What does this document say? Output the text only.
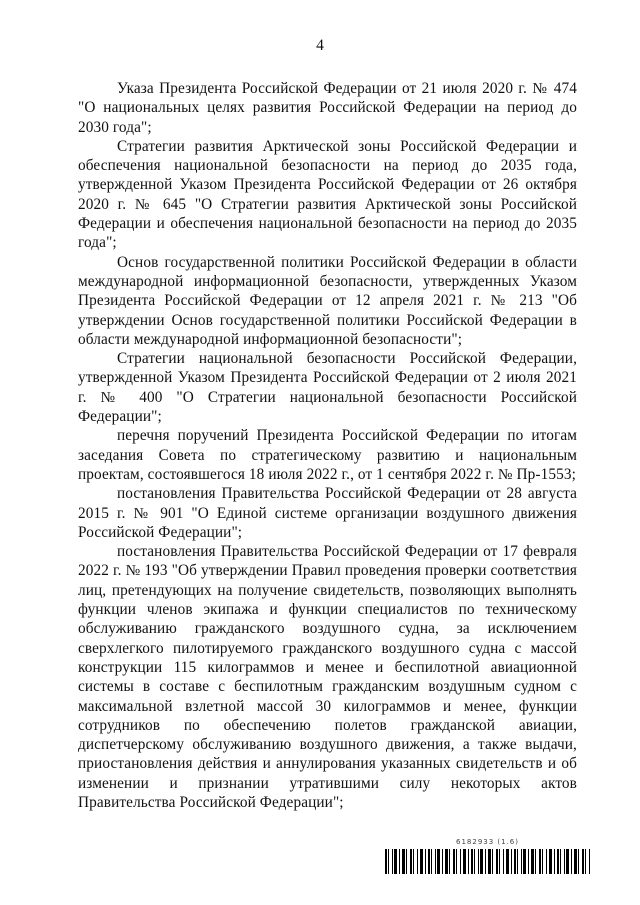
4

Указа Президента Российской Федерации от 21 июля 2020 г. № 474 "О национальных целях развития Российской Федерации на период до 2030 года";

Стратегии развития Арктической зоны Российской Федерации и обеспечения национальной безопасности на период до 2035 года, утвержденной Указом Президента Российской Федерации от 26 октября 2020 г. № 645 "О Стратегии развития Арктической зоны Российской Федерации и обеспечения национальной безопасности на период до 2035 года";

Основ государственной политики Российской Федерации в области международной информационной безопасности, утвержденных Указом Президента Российской Федерации от 12 апреля 2021 г. № 213 "Об утверждении Основ государственной политики Российской Федерации в области международной информационной безопасности";

Стратегии национальной безопасности Российской Федерации, утвержденной Указом Президента Российской Федерации от 2 июля 2021 г. № 400 "О Стратегии национальной безопасности Российской Федерации";

перечня поручений Президента Российской Федерации по итогам заседания Совета по стратегическому развитию и национальным проектам, состоявшегося 18 июля 2022 г., от 1 сентября 2022 г. № Пр-1553;

постановления Правительства Российской Федерации от 28 августа 2015 г. № 901 "О Единой системе организации воздушного движения Российской Федерации";

постановления Правительства Российской Федерации от 17 февраля 2022 г. № 193 "Об утверждении Правил проведения проверки соответствия лиц, претендующих на получение свидетельств, позволяющих выполнять функции членов экипажа и функции специалистов по техническому обслуживанию гражданского воздушного судна, за исключением сверхлегкого пилотируемого гражданского воздушного судна с массой конструкции 115 килограммов и менее и беспилотной авиационной системы в составе с беспилотным гражданским воздушным судном с максимальной взлетной массой 30 килограммов и менее, функции сотрудников по обеспечению полетов гражданской авиации, диспетчерскому обслуживанию воздушного движения, а также выдачи, приостановления действия и аннулирования указанных свидетельств и об изменении и признании утратившими силу некоторых актов Правительства Российской Федерации";

6182933 (1.6)
